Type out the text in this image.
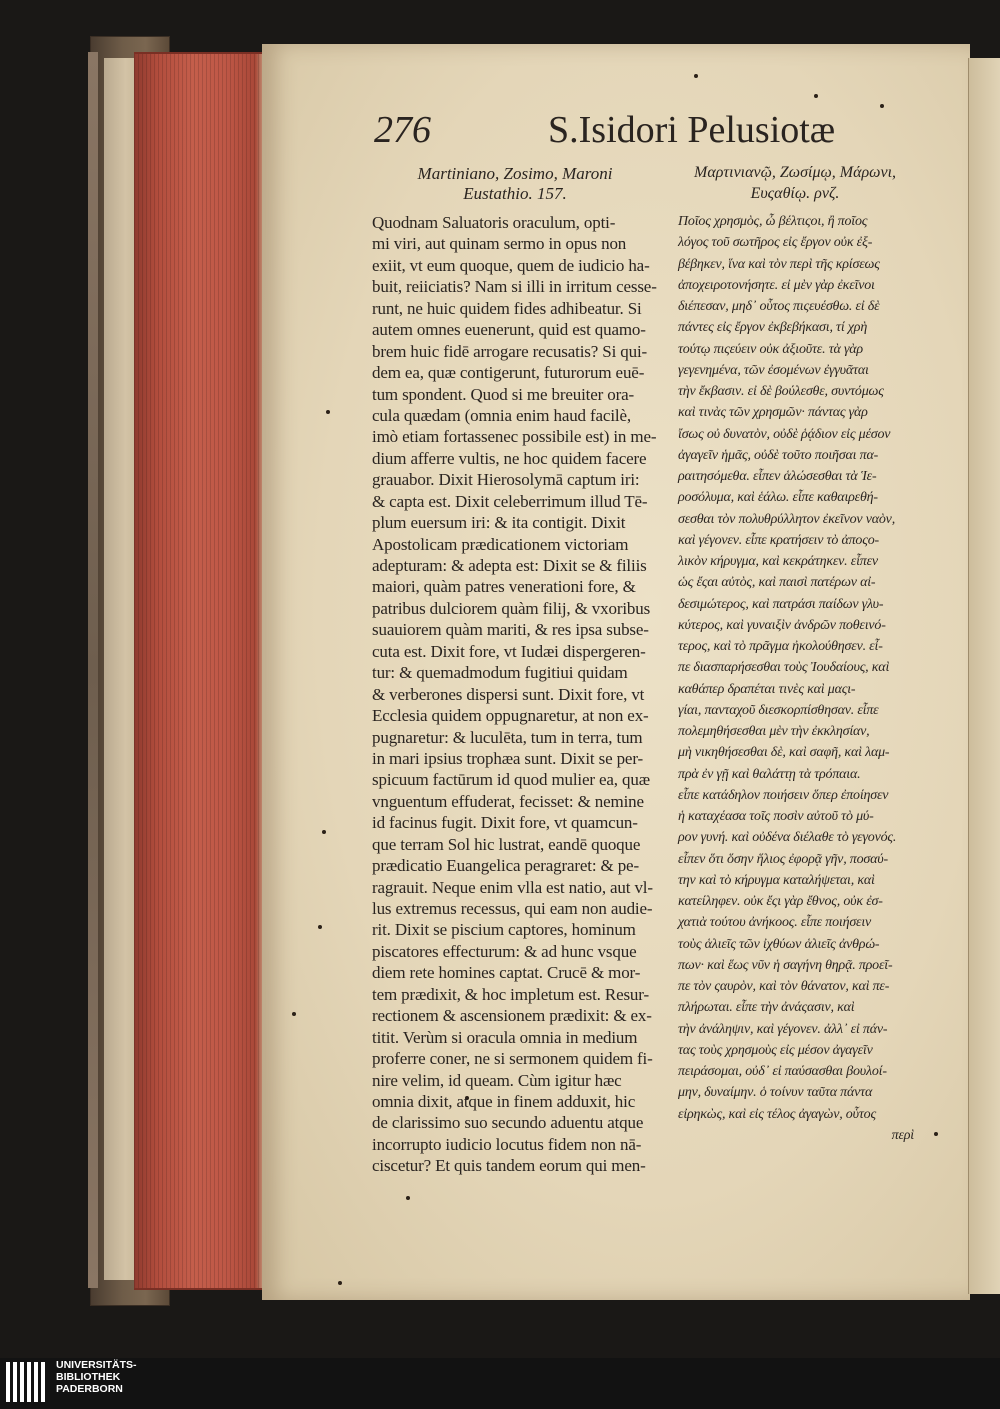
276	S.Isidori Pelusiotæ
Martiniano, Zosimo, Maroni
Eustathio. 157.
Μαρτινιανῷ, Ζωσίμῳ, Μάρωνι,
Ευςαθίῳ. ρνζ.
Quodnam Saluatoris oraculum, opti-
mi viri, aut quinam sermo in opus non
exiit, vt eum quoque, quem de iudicio ha-
buit, reiiciatis? Nam si illi in irritum cesse-
runt, ne huic quidem fides adhibeatur. Si
autem omnes euenerunt, quid est quamo-
brem huic fidē arrogare recusatis? Si qui-
dem ea, quæ contigerunt, futurorum euē-
tum spondent. Quod si me breuiter ora-
cula quædam (omnia enim haud facilè,
imò etiam fortassenec possibile est) in me-
dium afferre vultis, ne hoc quidem facere
grauabor. Dixit Hierosolymā captum iri:
& capta est. Dixit celeberrimum illud Tē-
plum euersum iri: & ita contigit. Dixit
Apostolicam prædicationem victoriam
adepturam: & adepta est: Dixit se & filiis
maiori, quàm patres venerationi fore, &
patribus dulciorem quàm filij, & vxoribus
suauiorem quàm mariti, & res ipsa subse-
cuta est. Dixit fore, vt Iudæi dispergeren-
tur: & quemadmodum fugitiui quidam
& verberones dispersi sunt. Dixit fore, vt
Ecclesia quidem oppugnaretur, at non ex-
pugnaretur: & luculēta, tum in terra, tum
in mari ipsius trophæa sunt. Dixit se per-
spicuum factūrum id quod mulier ea, quæ
vnguentum effuderat, fecisset: & nemine
id facinus fugit. Dixit fore, vt quamcun-
que terram Sol hic lustrat, eandē quoque
prædicatio Euangelica peragraret: & pe-
ragrauit. Neque enim vlla est natio, aut vl-
lus extremus recessus, qui eam non audie-
rit. Dixit se piscium captores, hominum
piscatores effecturum: & ad hunc vsque
diem rete homines captat. Crucē & mor-
tem prædixit, & hoc impletum est. Resur-
rectionem & ascensionem prædixit: & ex-
titit. Verùm si oracula omnia in medium
proferre coner, ne si sermonem quidem fi-
nire velim, id queam. Cùm igitur hæc
omnia dixit, atque in finem adduxit, hic
de clarissimo suo secundo aduentu atque
incorrupto iudicio locutus fidem non nā-
ciscetur? Et quis tandem eorum qui men-
Ποῖος χρησμὸς, ὦ βέλτιςοι, ἢ ποῖος
λόγος τοῦ σωτῆρος εἰς ἔργον οὐκ ἐξ-
βέβηκεν, ἵνα καὶ τὸν περὶ τῆς κρίσεως
ἀποχειροτονήσητε. εἰ μὲν γὰρ ἐκεῖνοι
διέπεσαν, μηδ᾽ οὗτος πιςευέσθω. εἰ δὲ
πάντες εἰς ἔργον ἐκβεβήκασι, τί χρὴ
τούτῳ πιςεύειν οὐκ ἀξιοῦτε. τὰ γὰρ
γεγενημένα, τῶν ἐσομένων ἐγγυᾶται
τὴν ἔκβασιν. εἰ δὲ βούλεσθε, συντόμως
καὶ τινὰς τῶν χρησμῶν· πάντας γὰρ
ἴσως οὐ δυνατὸν, οὐδὲ ῥᾴδιον εἰς μέσον
ἀγαγεῖν ἡμᾶς, οὐδὲ τοῦτο ποιῆσαι πα-
ραιτησόμεθα. εἶπεν ἁλώσεσθαι τὰ Ἱε-
ροσόλυμα, καὶ ἑάλω. εἶπε καθαιρεθή-
σεσθαι τὸν πολυθρύλλητον ἐκεῖνον ναὸν,
καὶ γέγονεν. εἶπε κρατήσειν τὸ ἀποςο-
λικὸν κήρυγμα, καὶ κεκράτηκεν. εἶπεν
ὡς ἔςαι αὐτὸς, καὶ παισὶ πατέρων αἰ-
δεσιμώτερος, καὶ πατράσι παίδων γλυ-
κύτερος, καὶ γυναιξὶν ἀνδρῶν ποθεινό-
τερος, καὶ τὸ πρᾶγμα ἠκολούθησεν. εἶ-
πε διασπαρήσεσθαι τοὺς Ἰουδαίους, καὶ
καθάπερ δραπέται τινὲς καὶ μαςι-
γίαι, πανταχοῦ διεσκορπίσθησαν. εἶπε
πολεμηθήσεσθαι μὲν τὴν ἐκκλησίαν,
μὴ νικηθήσεσθαι δὲ, καὶ σαφῆ, καὶ λαμ-
πρὰ ἐν γῇ καὶ θαλάττῃ τὰ τρόπαια.
εἶπε κατάδηλον ποιήσειν ὅπερ ἐποίησεν
ἡ καταχέασα τοῖς ποσὶν αὐτοῦ τὸ μύ-
ρον γυνή. καὶ οὐδένα διέλαθε τὸ γεγονός.
εἶπεν ὅτι ὅσην ἥλιος ἐφορᾷ γῆν, ποσαύ-
την καὶ τὸ κήρυγμα καταλήψεται, καὶ
κατείληφεν. οὐκ ἔςι γὰρ ἔθνος, οὐκ ἐσ-
χατιὰ τούτου ἀνήκοος. εἶπε ποιήσειν
τοὺς ἁλιεῖς τῶν ἰχθύων ἁλιεῖς ἀνθρώ-
πων· καὶ ἕως νῦν ἡ σαγήνη θηρᾷ. προεῖ-
πε τὸν ςαυρὸν, καὶ τὸν θάνατον, καὶ πε-
πλήρωται. εἶπε τὴν ἀνάςασιν, καὶ
τὴν ἀνάληψιν, καὶ γέγονεν. ἀλλ᾽ εἰ πάν-
τας τοὺς χρησμοὺς εἰς μέσον ἀγαγεῖν
πειράσομαι, οὐδ᾽ εἰ παύσασθαι βουλοί-
μην, δυναίμην. ὁ τοίνυν ταῦτα πάντα
εἰρηκὼς, καὶ εἰς τέλος ἀγαγὼν, οὗτος
περὶ
UNIVERSITÄTS-
BIBLIOTHEK
PADERBORN
